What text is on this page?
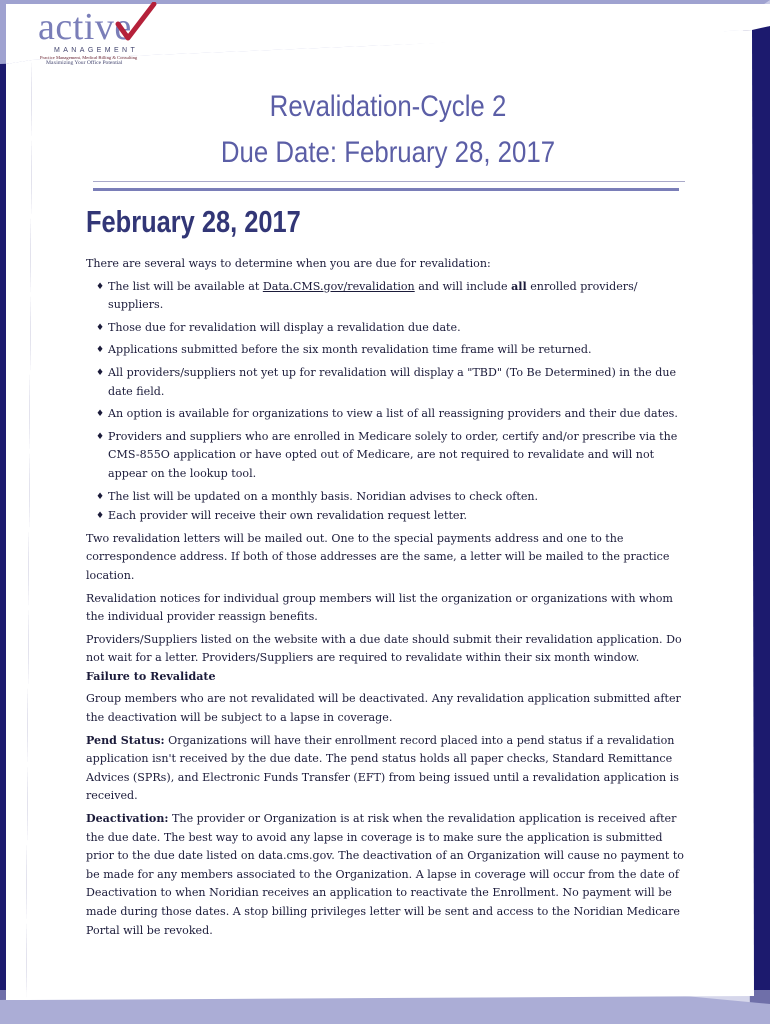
active
MANAGEMENT
Practice Management, Medical Billing & Consulting
Maximizing Your Office Potential
Revalidation-Cycle 2
Due Date: February 28, 2017
February 28, 2017

There are several ways to determine when you are due for revalidation:

♦ The list will be available at Data.CMS.gov/revalidation and will include all enrolled providers/ suppliers.
♦ Those due for revalidation will display a revalidation due date.
♦ Applications submitted before the six month revalidation time frame will be returned.
♦ All providers/suppliers not yet up for revalidation will display a "TBD" (To Be Determined) in the due date field.
♦ An option is available for organizations to view a list of all reassigning providers and their due dates.
♦ Providers and suppliers who are enrolled in Medicare solely to order, certify and/or prescribe via the CMS-855O application or have opted out of Medicare, are not required to revalidate and will not appear on the lookup tool.
♦ The list will be updated on a monthly basis. Noridian advises to check often.
♦ Each provider will receive their own revalidation request letter.

Two revalidation letters will be mailed out. One to the special payments address and one to the correspondence address. If both of those addresses are the same, a letter will be mailed to the practice location.

Revalidation notices for individual group members will list the organization or organizations with whom the individual provider reassign benefits.

Providers/Suppliers listed on the website with a due date should submit their revalidation application. Do not wait for a letter. Providers/Suppliers are required to revalidate within their six month window.

Failure to Revalidate

Group members who are not revalidated will be deactivated. Any revalidation application submitted after the deactivation will be subject to a lapse in coverage.

Pend Status: Organizations will have their enrollment record placed into a pend status if a revalidation application isn't received by the due date. The pend status holds all paper checks, Standard Remittance Advices (SPRs), and Electronic Funds Transfer (EFT) from being issued until a revalidation application is received.

Deactivation: The provider or Organization is at risk when the revalidation application is received after the due date. The best way to avoid any lapse in coverage is to make sure the application is submitted prior to the due date listed on data.cms.gov. The deactivation of an Organization will cause no payment to be made for any members associated to the Organization. A lapse in coverage will occur from the date of Deactivation to when Noridian receives an application to reactivate the Enrollment. No payment will be made during those dates. A stop billing privileges letter will be sent and access to the Noridian Medicare Portal will be revoked.
